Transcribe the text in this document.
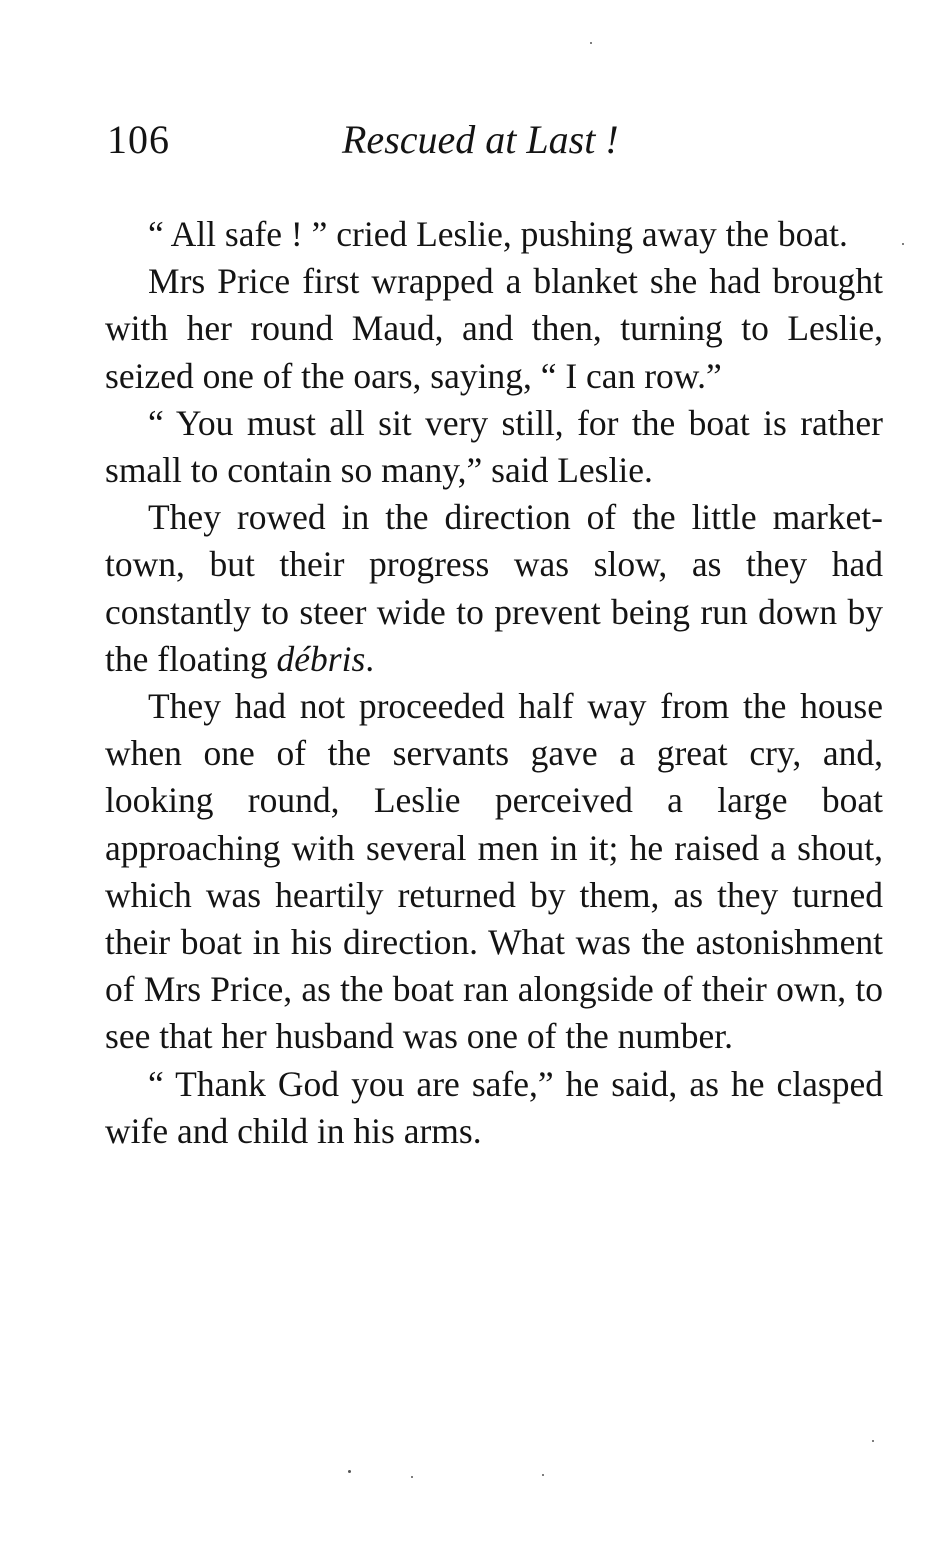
106	Rescued at Last !

“ All safe ! ” cried Leslie, pushing away the boat.

Mrs Price first wrapped a blanket she had brought with her round Maud, and then, turning to Leslie, seized one of the oars, saying, “ I can row.”

“ You must all sit very still, for the boat is rather small to contain so many,” said Leslie.

They rowed in the direction of the little market-town, but their progress was slow, as they had constantly to steer wide to prevent being run down by the floating débris.

They had not proceeded half way from the house when one of the servants gave a great cry, and, looking round, Leslie perceived a large boat approaching with several men in it; he raised a shout, which was heartily returned by them, as they turned their boat in his direction. What was the astonishment of Mrs Price, as the boat ran alongside of their own, to see that her husband was one of the number.

“ Thank God you are safe,” he said, as he clasped wife and child in his arms.
